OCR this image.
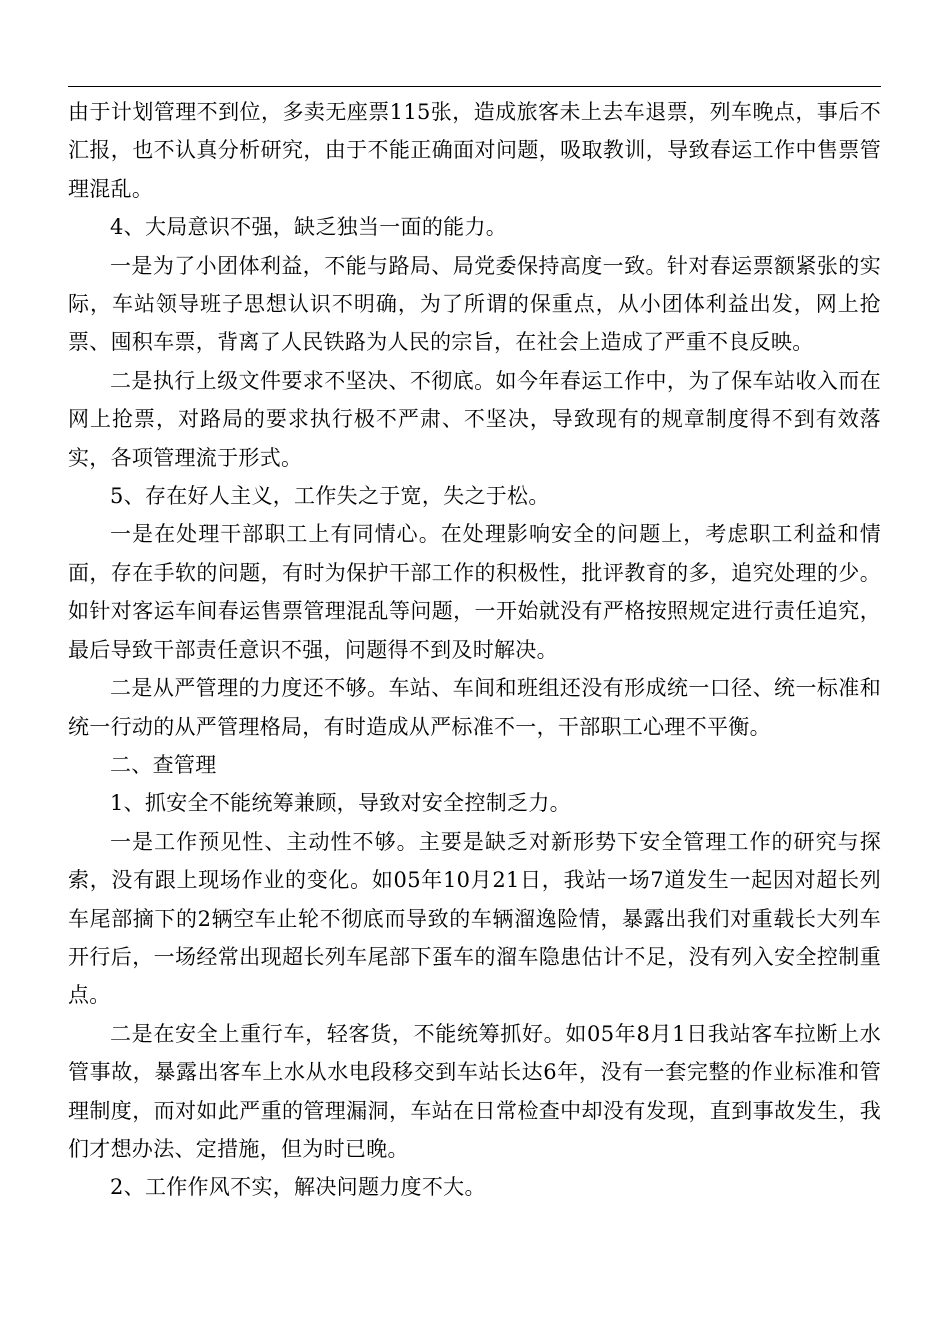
由于计划管理不到位，多卖无座票115张，造成旅客未上去车退票，列车晚点，事后不汇报，也不认真分析研究，由于不能正确面对问题，吸取教训，导致春运工作中售票管理混乱。

4、大局意识不强，缺乏独当一面的能力。

一是为了小团体利益，不能与路局、局党委保持高度一致。针对春运票额紧张的实际，车站领导班子思想认识不明确，为了所谓的保重点，从小团体利益出发，网上抢票、囤积车票，背离了人民铁路为人民的宗旨，在社会上造成了严重不良反映。

二是执行上级文件要求不坚决、不彻底。如今年春运工作中，为了保车站收入而在网上抢票，对路局的要求执行极不严肃、不坚决，导致现有的规章制度得不到有效落实，各项管理流于形式。

5、存在好人主义，工作失之于宽，失之于松。

一是在处理干部职工上有同情心。在处理影响安全的问题上，考虑职工利益和情面，存在手软的问题，有时为保护干部工作的积极性，批评教育的多，追究处理的少。如针对客运车间春运售票管理混乱等问题，一开始就没有严格按照规定进行责任追究，最后导致干部责任意识不强，问题得不到及时解决。

二是从严管理的力度还不够。车站、车间和班组还没有形成统一口径、统一标准和统一行动的从严管理格局，有时造成从严标准不一，干部职工心理不平衡。

二、查管理

1、抓安全不能统筹兼顾，导致对安全控制乏力。

一是工作预见性、主动性不够。主要是缺乏对新形势下安全管理工作的研究与探索，没有跟上现场作业的变化。如05年10月21日，我站一场7道发生一起因对超长列车尾部摘下的2辆空车止轮不彻底而导致的车辆溜逸险情，暴露出我们对重载长大列车开行后，一场经常出现超长列车尾部下蛋车的溜车隐患估计不足，没有列入安全控制重点。

二是在安全上重行车，轻客货，不能统筹抓好。如05年8月1日我站客车拉断上水管事故，暴露出客车上水从水电段移交到车站长达6年，没有一套完整的作业标准和管理制度，而对如此严重的管理漏洞，车站在日常检查中却没有发现，直到事故发生，我们才想办法、定措施，但为时已晚。

2、工作作风不实，解决问题力度不大。
